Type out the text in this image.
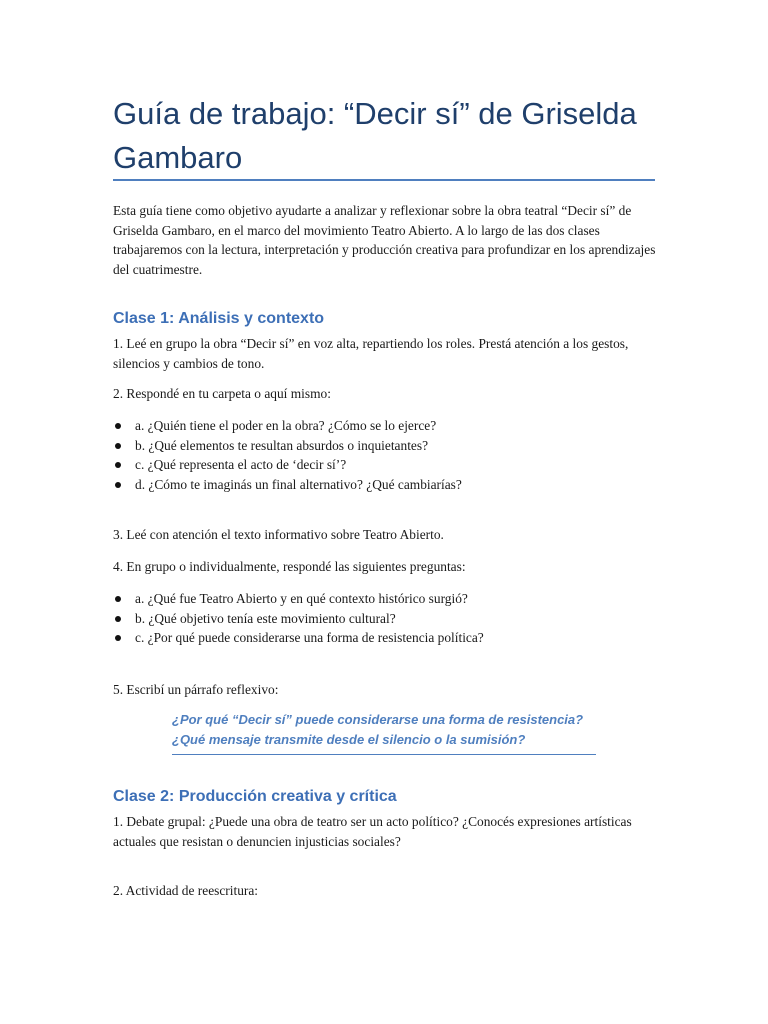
Guía de trabajo: “Decir sí” de Griselda Gambaro

Esta guía tiene como objetivo ayudarte a analizar y reflexionar sobre la obra teatral “Decir sí” de Griselda Gambaro, en el marco del movimiento Teatro Abierto. A lo largo de las dos clases trabajaremos con la lectura, interpretación y producción creativa para profundizar en los aprendizajes del cuatrimestre.

Clase 1: Análisis y contexto

1. Leé en grupo la obra “Decir sí” en voz alta, repartiendo los roles. Prestá atención a los gestos, silencios y cambios de tono.

2. Respondé en tu carpeta o aquí mismo:

a. ¿Quién tiene el poder en la obra? ¿Cómo se lo ejerce?
b. ¿Qué elementos te resultan absurdos o inquietantes?
c. ¿Qué representa el acto de ‘decir sí’?
d. ¿Cómo te imaginás un final alternativo? ¿Qué cambiarías?

3. Leé con atención el texto informativo sobre Teatro Abierto.

4. En grupo o individualmente, respondé las siguientes preguntas:

a. ¿Qué fue Teatro Abierto y en qué contexto histórico surgió?
b. ¿Qué objetivo tenía este movimiento cultural?
c. ¿Por qué puede considerarse una forma de resistencia política?

5. Escribí un párrafo reflexivo:

¿Por qué “Decir sí” puede considerarse una forma de resistencia?
¿Qué mensaje transmite desde el silencio o la sumisión?
Clase 2: Producción creativa y crítica

1. Debate grupal: ¿Puede una obra de teatro ser un acto político? ¿Conocés expresiones artísticas actuales que resistan o denuncien injusticias sociales?

2. Actividad de reescritura:
